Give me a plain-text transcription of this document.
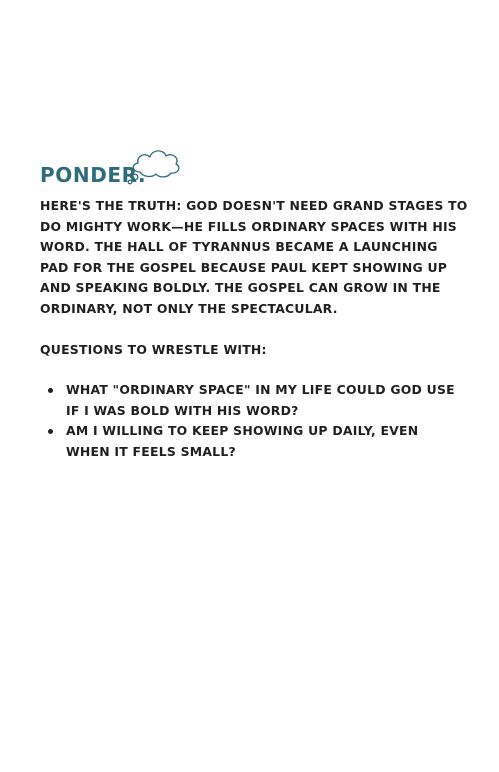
PONDER.

HERE'S THE TRUTH: GOD DOESN'T NEED GRAND STAGES TO DO MIGHTY WORK—HE FILLS ORDINARY SPACES WITH HIS WORD. THE HALL OF TYRANNUS BECAME A LAUNCHING PAD FOR THE GOSPEL BECAUSE PAUL KEPT SHOWING UP AND SPEAKING BOLDLY. THE GOSPEL CAN GROW IN THE ORDINARY, NOT ONLY THE SPECTACULAR.

QUESTIONS TO WRESTLE WITH:

WHAT "ORDINARY SPACE" IN MY LIFE COULD GOD USE IF I WAS BOLD WITH HIS WORD?
AM I WILLING TO KEEP SHOWING UP DAILY, EVEN WHEN IT FEELS SMALL?
